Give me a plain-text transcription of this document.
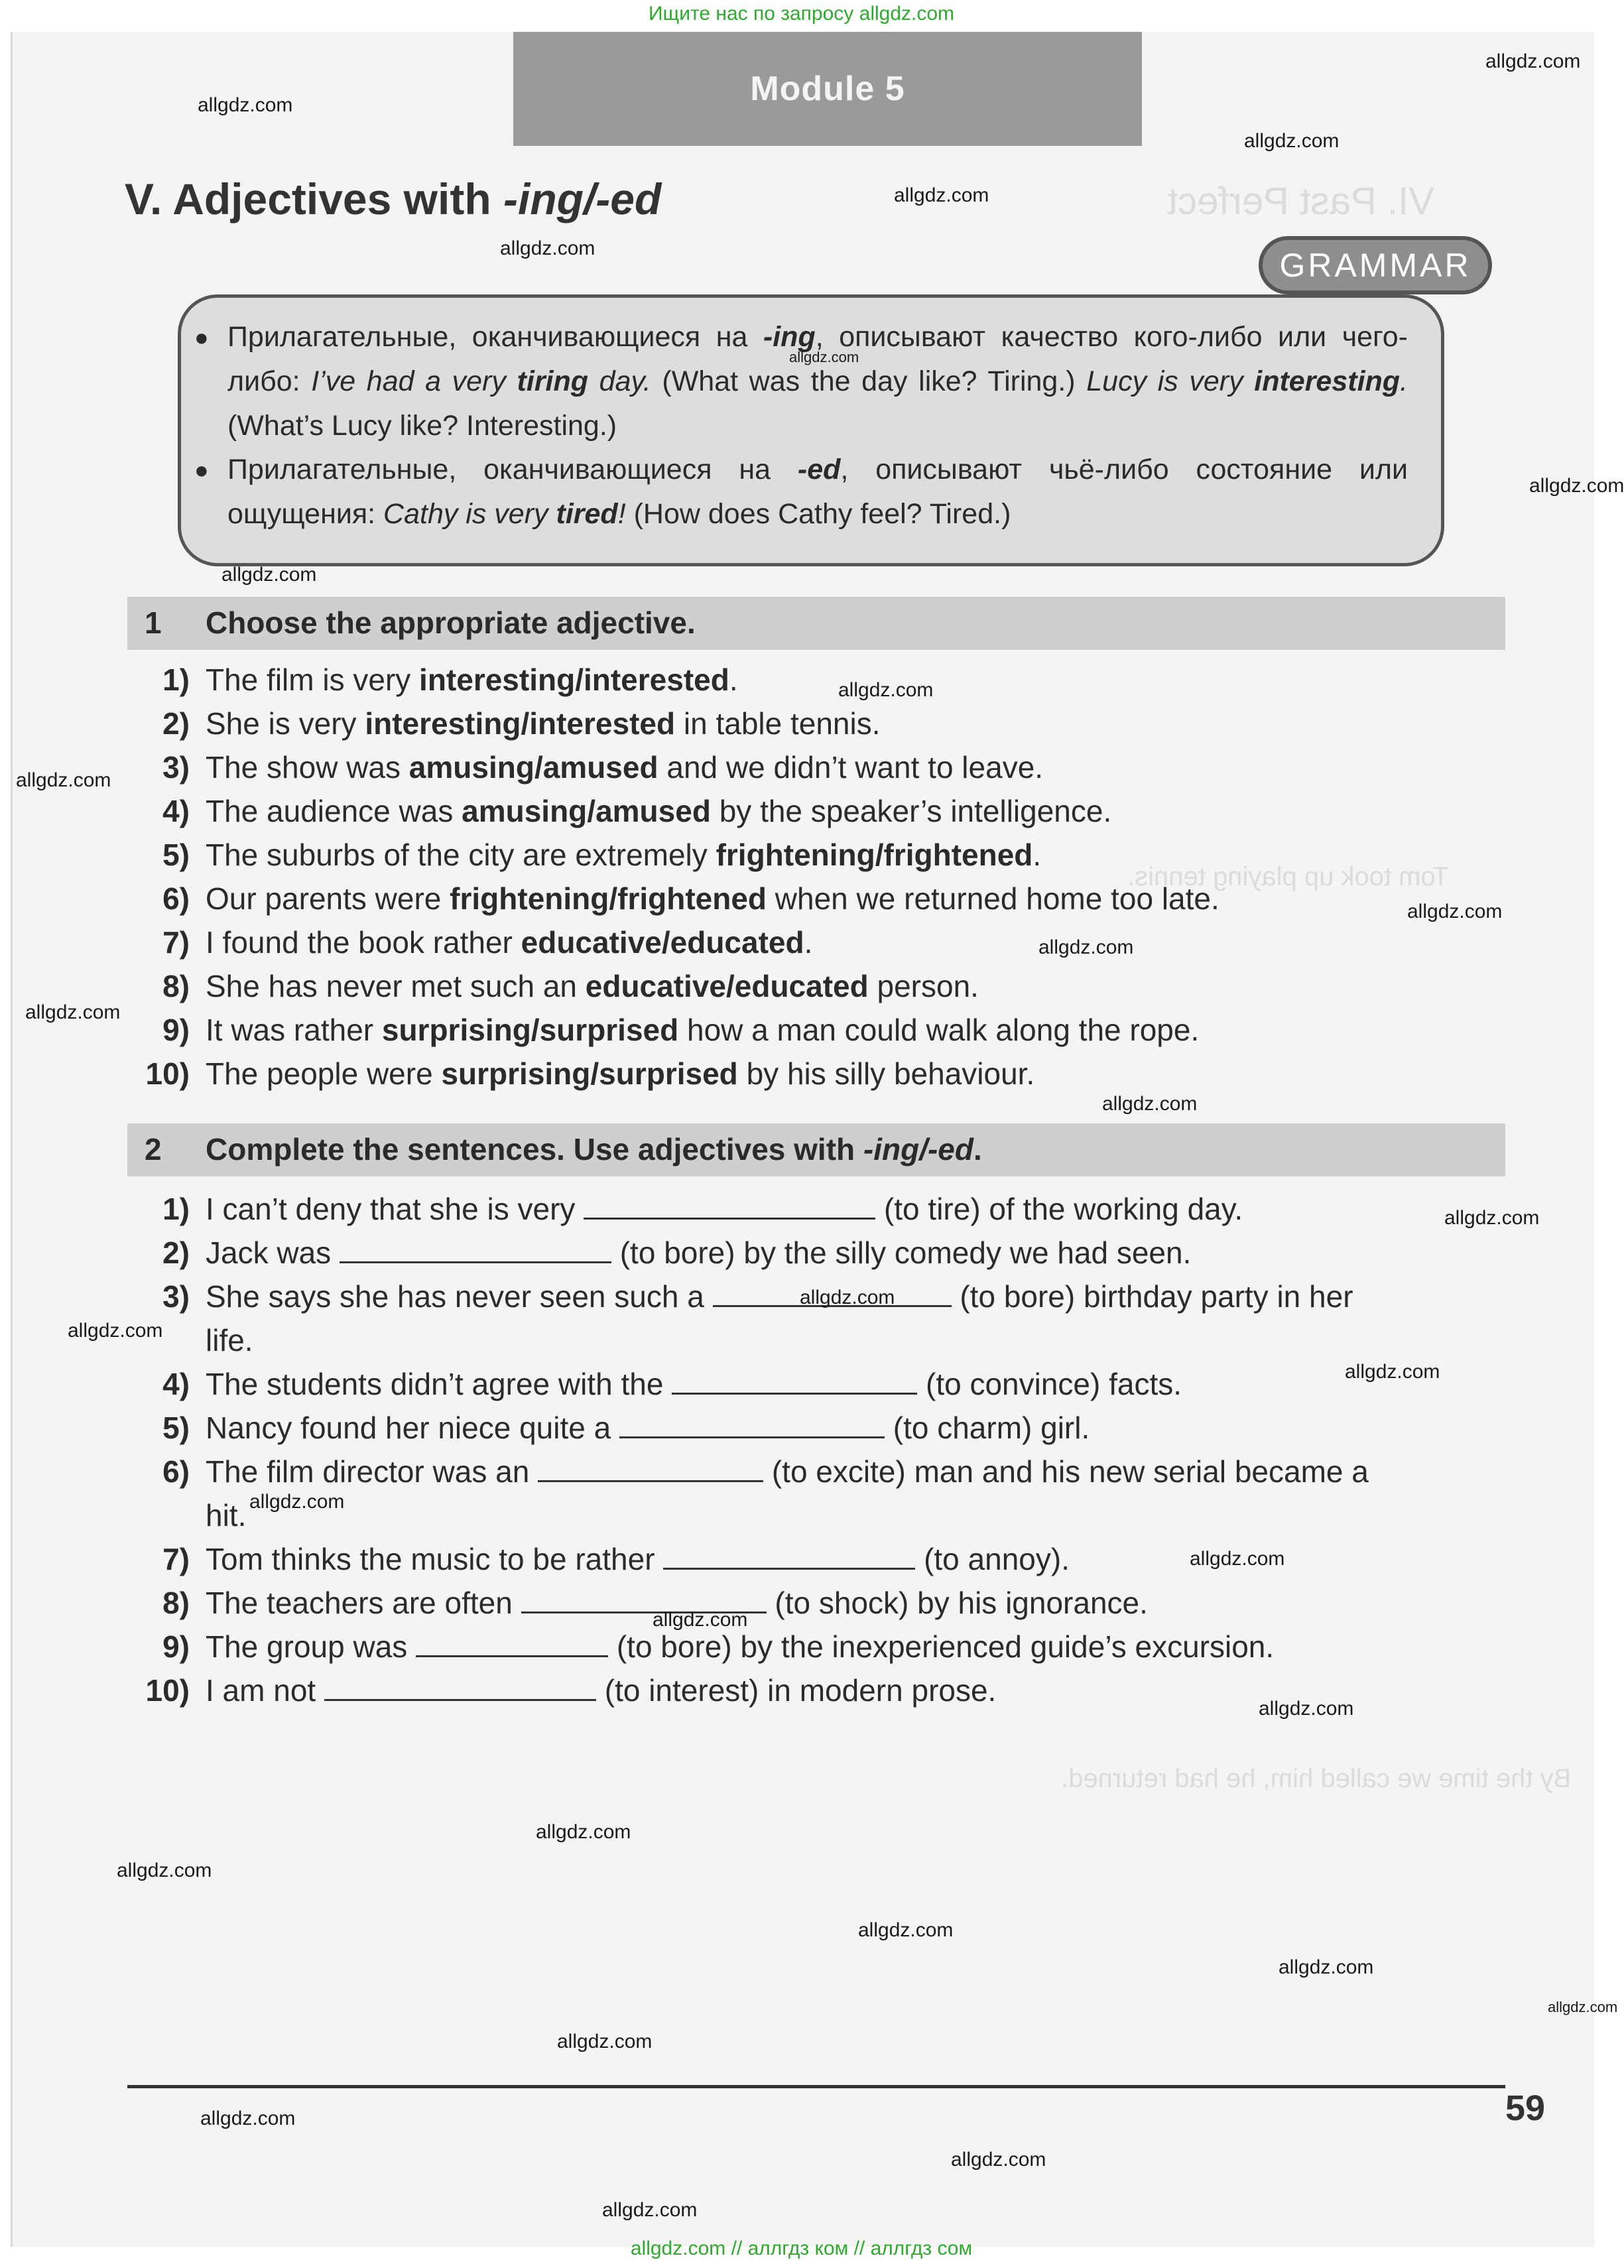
VI. Past Perfect
Tom took up playing tennis.
By the time we called him, he had returned.
Ищите нас по запросу allgdz.com
Module 5
V. Adjectives with -ing/-ed
GRAMMAR
● Прилагательные, оканчивающиеся на -ing, описывают качество кого-либо или чего-либо: I’ve had a very tiring day. (What was the day like? Tiring.) Lucy is very interesting. (What’s Lucy like? Interesting.)
● Прилагательные, оканчивающиеся на -ed, описывают чьё-либо состояние или ощущения: Cathy is very tired! (How does Cathy feel? Tired.)
1 Choose the appropriate adjective.
1) The film is very interesting/interested.
2) She is very interesting/interested in table tennis.
3) The show was amusing/amused and we didn’t want to leave.
4) The audience was amusing/amused by the speaker’s intelligence.
5) The suburbs of the city are extremely frightening/frightened.
6) Our parents were frightening/frightened when we returned home too late.
7) I found the book rather educative/educated.
8) She has never met such an educative/educated person.
9) It was rather surprising/surprised how a man could walk along the rope.
10) The people were surprising/surprised by his silly behaviour.
2 Complete the sentences. Use adjectives with -ing/-ed.
1) I can’t deny that she is very	(to tire) of the working day.
2) Jack was	(to bore) by the silly comedy we had seen.
3) She says she has never seen such a	(to bore) birthday party in her
life.
4) The students didn’t agree with the	(to convince) facts.
5) Nancy found her niece quite a	(to charm) girl.
6) The film director was an	(to excite) man and his new serial became a
hit.
7) Tom thinks the music to be rather	(to annoy).
8) The teachers are often	(to shock) by his ignorance.
9) The group was	(to bore) by the inexperienced guide’s excursion.
10) I am not	(to interest) in modern prose.
59
allgdz.com
allgdz.com
allgdz.com
allgdz.com
allgdz.com
allgdz.com
allgdz.com
allgdz.com
allgdz.com
allgdz.com
allgdz.com
allgdz.com
allgdz.com
allgdz.com
allgdz.com
allgdz.com
allgdz.com
allgdz.com
allgdz.com
allgdz.com
allgdz.com
allgdz.com
allgdz.com
allgdz.com
allgdz.com
allgdz.com
allgdz.com
allgdz.com
allgdz.com
allgdz.com
allgdz.com
allgdz.com // аллгдз ком // аллгдз сом
